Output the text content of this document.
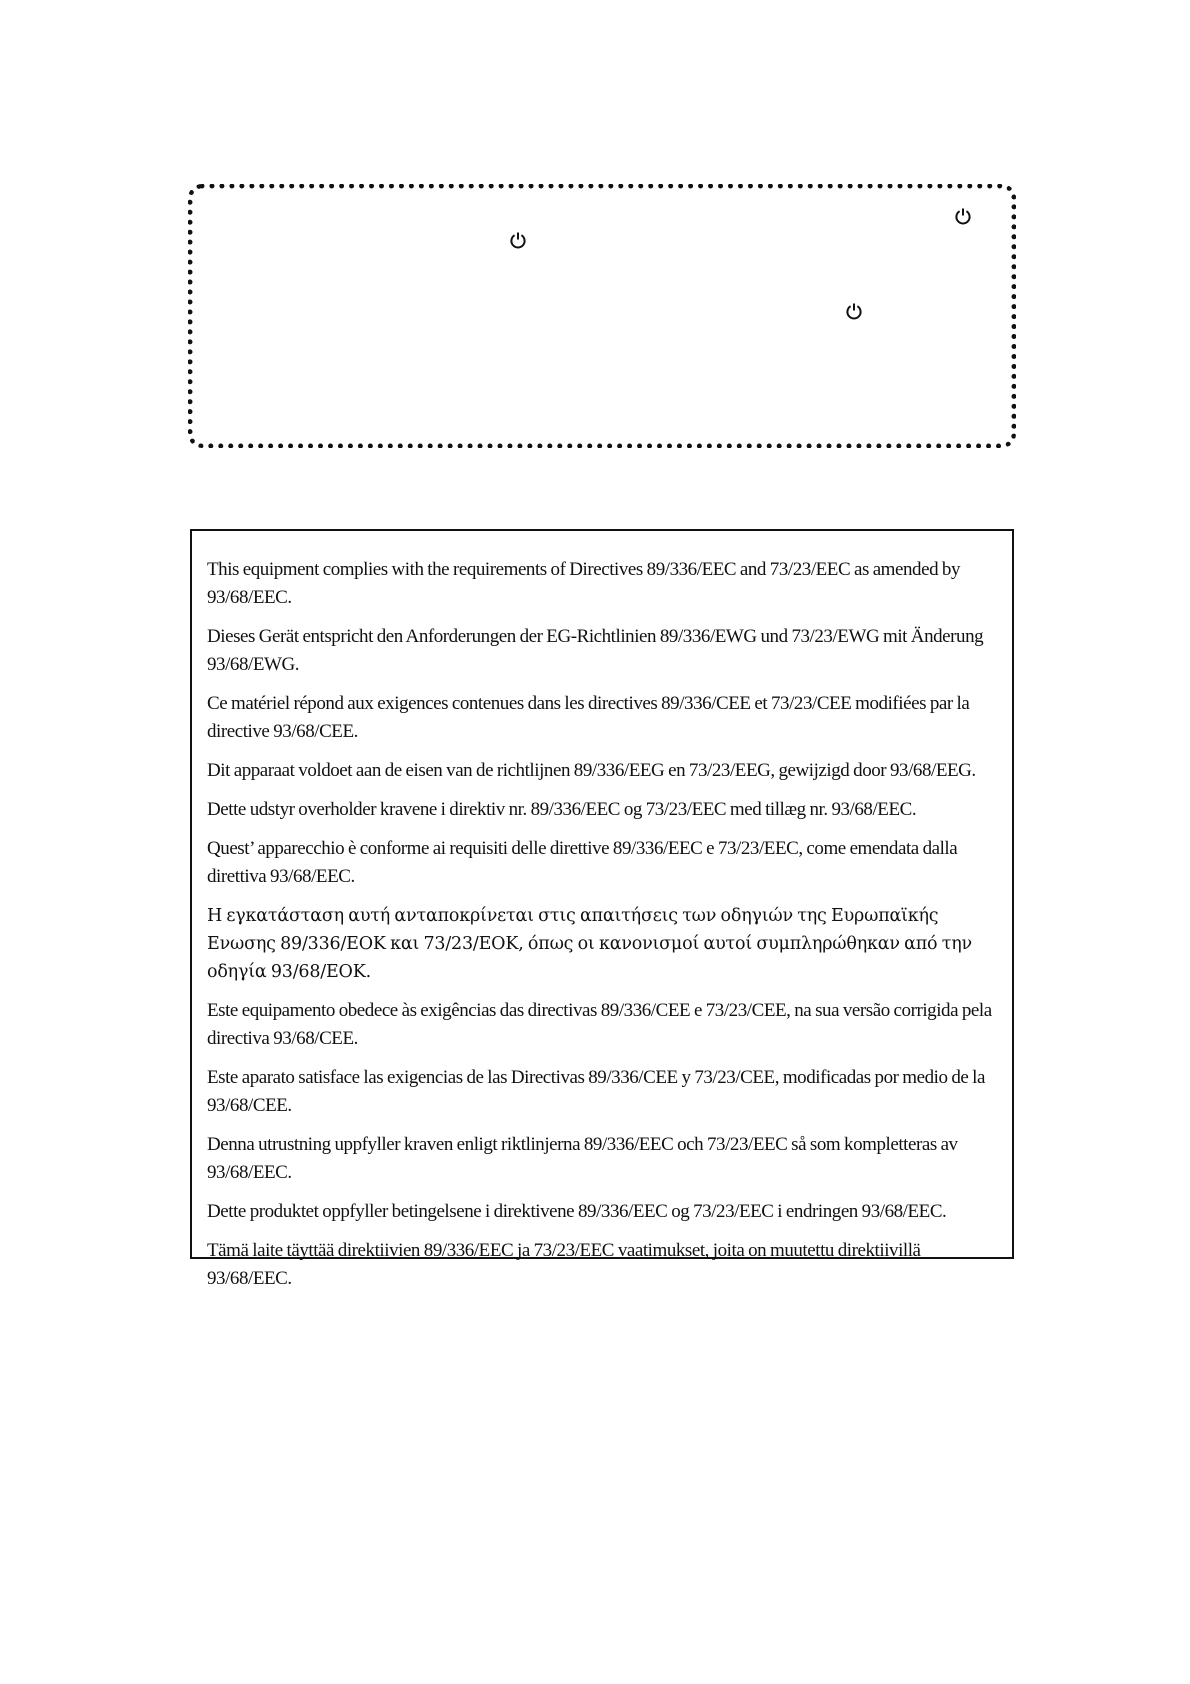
This equipment complies with the requirements of Directives 89/336/EEC and 73/23/EEC as amended by 93/68/EEC.

Dieses Gerät entspricht den Anforderungen der EG-Richtlinien 89/336/EWG und 73/23/EWG mit Änderung 93/68/EWG.

Ce matériel répond aux exigences contenues dans les directives 89/336/CEE et 73/23/CEE modifiées par la directive 93/68/CEE.

Dit apparaat voldoet aan de eisen van de richtlijnen 89/336/EEG en 73/23/EEG, gewijzigd door 93/68/EEG.

Dette udstyr overholder kravene i direktiv nr. 89/336/EEC og 73/23/EEC med tillæg nr. 93/68/EEC.

Quest’ apparecchio è conforme ai requisiti delle direttive 89/336/EEC e 73/23/EEC, come emendata dalla direttiva 93/68/EEC.

Η εγκατάσταση αυτή ανταποκρίνεται στις απαιτήσεις των οδηγιών της Ευρωπαϊκής Ενωσης 89/336/ΕΟΚ και 73/23/ΕΟΚ, όπως οι κανονισμοί αυτοί συμπληρώθηκαν από την οδηγία 93/68/ΕΟΚ.

Este equipamento obedece às exigências das directivas 89/336/CEE e 73/23/CEE, na sua versão corrigida pela directiva 93/68/CEE.

Este aparato satisface las exigencias de las Directivas 89/336/CEE y 73/23/CEE, modificadas por medio de la 93/68/CEE.

Denna utrustning uppfyller kraven enligt riktlinjerna 89/336/EEC och 73/23/EEC så som kompletteras av 93/68/EEC.

Dette produktet oppfyller betingelsene i direktivene 89/336/EEC og 73/23/EEC i endringen 93/68/EEC.

Tämä laite täyttää direktiivien 89/336/EEC ja 73/23/EEC vaatimukset, joita on muutettu direktiivillä 93/68/EEC.
